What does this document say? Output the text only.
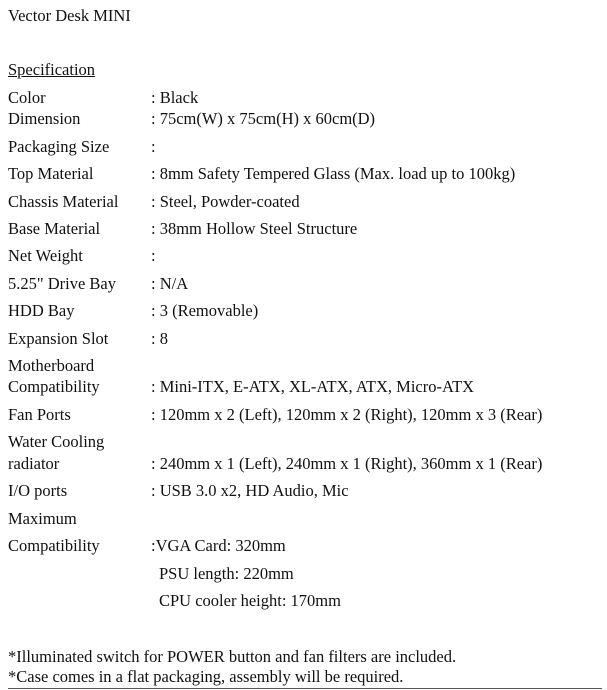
Vector Desk MINI
Specification
Color	: Black
Dimension	: 75cm(W) x 75cm(H) x 60cm(D)
Packaging Size	:
Top Material	: 8mm Safety Tempered Glass (Max. load up to 100kg)
Chassis Material : Steel, Powder-coated
Base Material	: 38mm Hollow Steel Structure
Net Weight	:
5.25" Drive Bay : N/A
HDD Bay	: 3 (Removable)
Expansion Slot	: 8
Motherboard
Compatibility	: Mini-ITX, E-ATX, XL-ATX, ATX, Micro-ATX
Fan Ports	: 120mm x 2 (Left), 120mm x 2 (Right), 120mm x 3 (Rear)
Water Cooling
radiator	: 240mm x 1 (Left), 240mm x 1 (Right), 360mm x 1 (Rear)
I/O ports	: USB 3.0 x2, HD Audio, Mic
Maximum
Compatibility	:VGA Card: 320mm
PSU length: 220mm
CPU cooler height: 170mm
*Illuminated switch for POWER button and fan filters are included.
*Case comes in a flat packaging, assembly will be required.
